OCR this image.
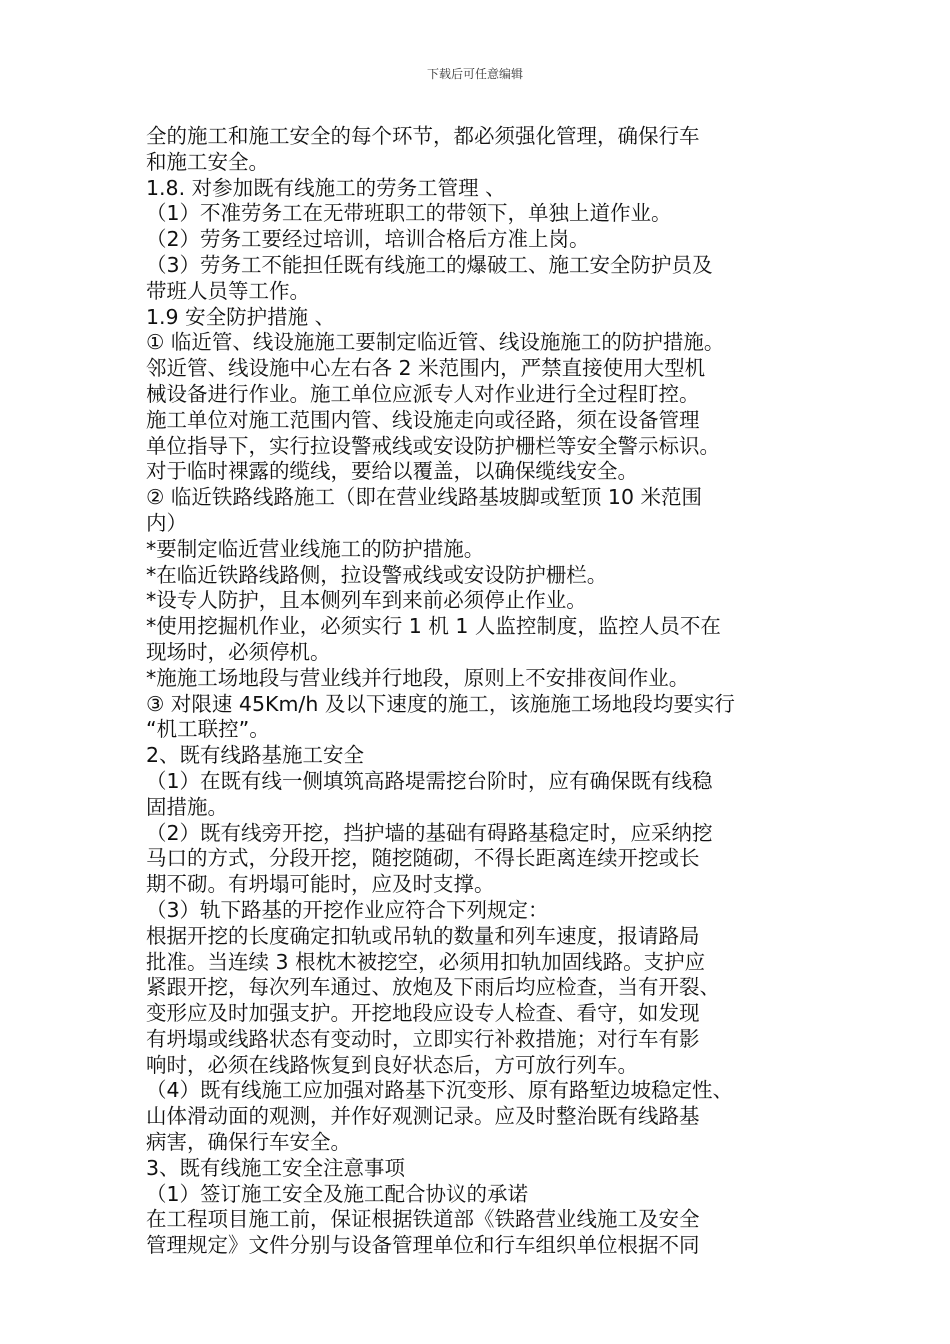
下载后可任意编辑
全的施工和施工安全的每个环节，都必须强化管理，确保行车
和施工安全。
1.8. 对参加既有线施工的劳务工管理 、
（1）不准劳务工在无带班职工的带领下，单独上道作业。
（2）劳务工要经过培训，培训合格后方准上岗。
（3）劳务工不能担任既有线施工的爆破工、施工安全防护员及
带班人员等工作。
1.9 安全防护措施 、
① 临近管、线设施施工要制定临近管、线设施施工的防护措施。
邻近管、线设施中心左右各 2 米范围内，严禁直接使用大型机
械设备进行作业。施工单位应派专人对作业进行全过程盯控。
施工单位对施工范围内管、线设施走向或径路，须在设备管理
单位指导下，实行拉设警戒线或安设防护栅栏等安全警示标识。
对于临时裸露的缆线，要给以覆盖，以确保缆线安全。
② 临近铁路线路施工（即在营业线路基坡脚或堑顶 10 米范围
内）
*要制定临近营业线施工的防护措施。
*在临近铁路线路侧，拉设警戒线或安设防护栅栏。
*设专人防护，且本侧列车到来前必须停止作业。
*使用挖掘机作业，必须实行 1 机 1 人监控制度，监控人员不在
现场时，必须停机。
*施施工场地段与营业线并行地段，原则上不安排夜间作业。
③ 对限速 45Km/h 及以下速度的施工，该施施工场地段均要实行
“机工联控”。
2、既有线路基施工安全
（1）在既有线一侧填筑高路堤需挖台阶时，应有确保既有线稳
固措施。
（2）既有线旁开挖，挡护墙的基础有碍路基稳定时，应采纳挖
马口的方式，分段开挖，随挖随砌，不得长距离连续开挖或长
期不砌。有坍塌可能时，应及时支撑。
（3）轨下路基的开挖作业应符合下列规定：
根据开挖的长度确定扣轨或吊轨的数量和列车速度，报请路局
批准。当连续 3 根枕木被挖空，必须用扣轨加固线路。支护应
紧跟开挖，每次列车通过、放炮及下雨后均应检查，当有开裂、
变形应及时加强支护。开挖地段应设专人检查、看守，如发现
有坍塌或线路状态有变动时，立即实行补救措施；对行车有影
响时，必须在线路恢复到良好状态后，方可放行列车。
（4）既有线施工应加强对路基下沉变形、原有路堑边坡稳定性、
山体滑动面的观测，并作好观测记录。应及时整治既有线路基
病害，确保行车安全。
3、既有线施工安全注意事项
（1）签订施工安全及施工配合协议的承诺
在工程项目施工前，保证根据铁道部《铁路营业线施工及安全
管理规定》文件分别与设备管理单位和行车组织单位根据不同
